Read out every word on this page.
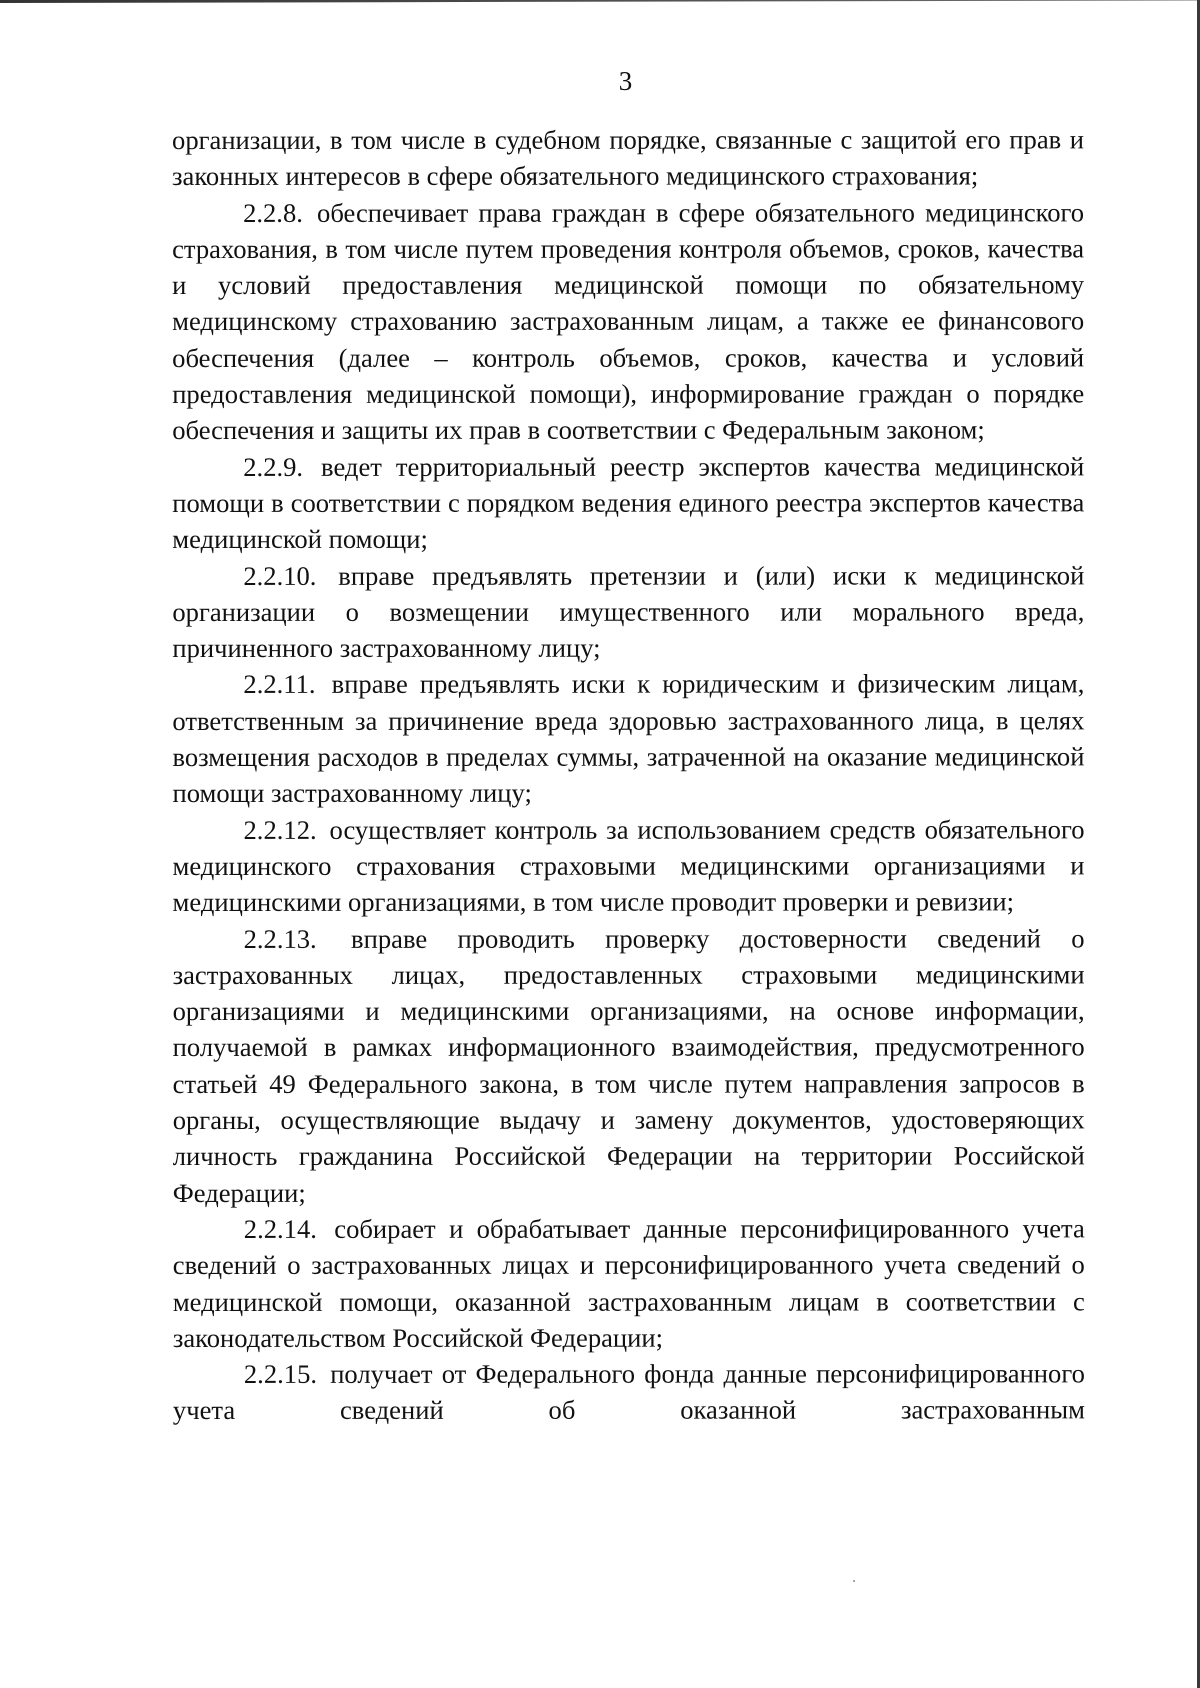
3

организации, в том числе в судебном порядке, связанные с защитой его прав и законных интересов в сфере обязательного медицинского страхования;

2.2.8. обеспечивает права граждан в сфере обязательного медицинского страхования, в том числе путем проведения контроля объемов, сроков, качества и условий предоставления медицинской помощи по обязательному медицинскому страхованию застрахованным лицам, а также ее финансового обеспечения (далее – контроль объемов, сроков, качества и условий предоставления медицинской помощи), информирование граждан о порядке обеспечения и защиты их прав в соответствии с Федеральным законом;

2.2.9. ведет территориальный реестр экспертов качества медицинской помощи в соответствии с порядком ведения единого реестра экспертов качества медицинской помощи;

2.2.10. вправе предъявлять претензии и (или) иски к медицинской организации о возмещении имущественного или морального вреда, причиненного застрахованному лицу;

2.2.11. вправе предъявлять иски к юридическим и физическим лицам, ответственным за причинение вреда здоровью застрахованного лица, в целях возмещения расходов в пределах суммы, затраченной на оказание медицинской помощи застрахованному лицу;

2.2.12. осуществляет контроль за использованием средств обязательного медицинского страхования страховыми медицинскими организациями и медицинскими организациями, в том числе проводит проверки и ревизии;

2.2.13. вправе проводить проверку достоверности сведений о застрахованных лицах, предоставленных страховыми медицинскими организациями и медицинскими организациями, на основе информации, получаемой в рамках информационного взаимодействия, предусмотренного статьей 49 Федерального закона, в том числе путем направления запросов в органы, осуществляющие выдачу и замену документов, удостоверяющих личность гражданина Российской Федерации на территории Российской Федерации;

2.2.14. собирает и обрабатывает данные персонифицированного учета сведений о застрахованных лицах и персонифицированного учета сведений о медицинской помощи, оказанной застрахованным лицам в соответствии с законодательством Российской Федерации;

2.2.15. получает от Федерального фонда данные персонифицированного учета сведений об оказанной застрахованным
